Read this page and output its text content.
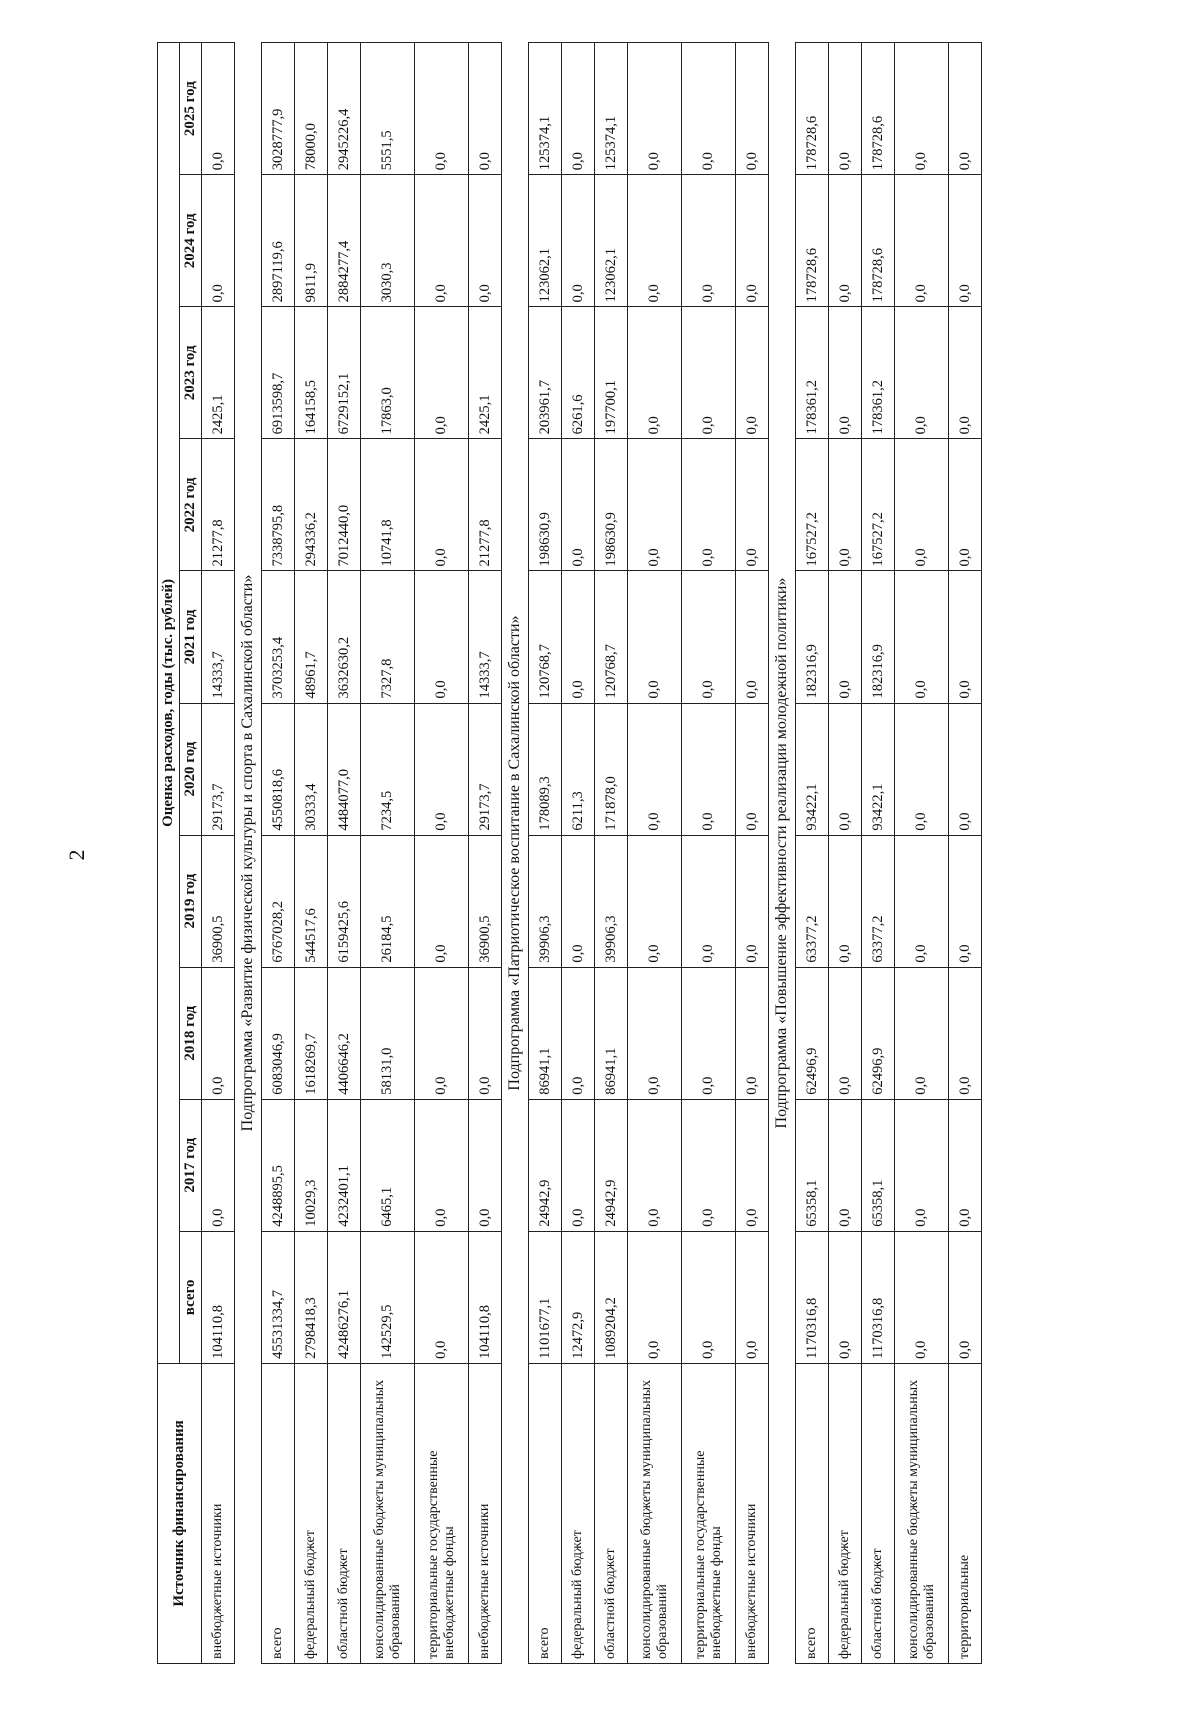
2
Источник финансирования	Оценка расходов, годы (тыс. рублей)									
	всего	2017 год	2018 год	2019 год	2020 год	2021 год	2022 год	2023 год	2024 год	2025 год
внебюджетные источники	104110,8	0,0	0,0	36900,5	29173,7	14333,7	21277,8	2425,1	0,0	0,0
Подпрограмма «Развитие физической культуры и спорта в Сахалинской области»										
всего	45531334,7	4248895,5	6083046,9	6767028,2	4550818,6	3703253,4	7338795,8	6913598,7	2897119,6	3028777,9
федеральный бюджет	2798418,3	10029,3	1618269,7	544517,6	30333,4	48961,7	294336,2	164158,5	9811,9	78000,0
областной бюджет	42486276,1	4232401,1	4406646,2	6159425,6	4484077,0	3632630,2	7012440,0	6729152,1	2884277,4	2945226,4
консолидированные бюджеты муниципальных образований	142529,5	6465,1	58131,0	26184,5	7234,5	7327,8	10741,8	17863,0	3030,3	5551,5
территориальные государственные внебюджетные фонды	0,0	0,0	0,0	0,0	0,0	0,0	0,0	0,0	0,0	0,0
внебюджетные источники	104110,8	0,0	0,0	36900,5	29173,7	14333,7	21277,8	2425,1	0,0	0,0
Подпрограмма «Патриотическое воспитание в Сахалинской области»										
всего	1101677,1	24942,9	86941,1	39906,3	178089,3	120768,7	198630,9	203961,7	123062,1	125374,1
федеральный бюджет	12472,9	0,0	0,0	0,0	6211,3	0,0	0,0	6261,6	0,0	0,0
областной бюджет	1089204,2	24942,9	86941,1	39906,3	171878,0	120768,7	198630,9	197700,1	123062,1	125374,1
консолидированные бюджеты муниципальных образований	0,0	0,0	0,0	0,0	0,0	0,0	0,0	0,0	0,0	0,0
территориальные государственные внебюджетные фонды	0,0	0,0	0,0	0,0	0,0	0,0	0,0	0,0	0,0	0,0
внебюджетные источники	0,0	0,0	0,0	0,0	0,0	0,0	0,0	0,0	0,0	0,0
Подпрограмма «Повышение эффективности реализации молодежной политики»										
всего	1170316,8	65358,1	62496,9	63377,2	93422,1	182316,9	167527,2	178361,2	178728,6	178728,6
федеральный бюджет	0,0	0,0	0,0	0,0	0,0	0,0	0,0	0,0	0,0	0,0
областной бюджет	1170316,8	65358,1	62496,9	63377,2	93422,1	182316,9	167527,2	178361,2	178728,6	178728,6
консолидированные бюджеты муниципальных образований	0,0	0,0	0,0	0,0	0,0	0,0	0,0	0,0	0,0	0,0
территориальные	0,0	0,0	0,0	0,0	0,0	0,0	0,0	0,0	0,0	0,0
